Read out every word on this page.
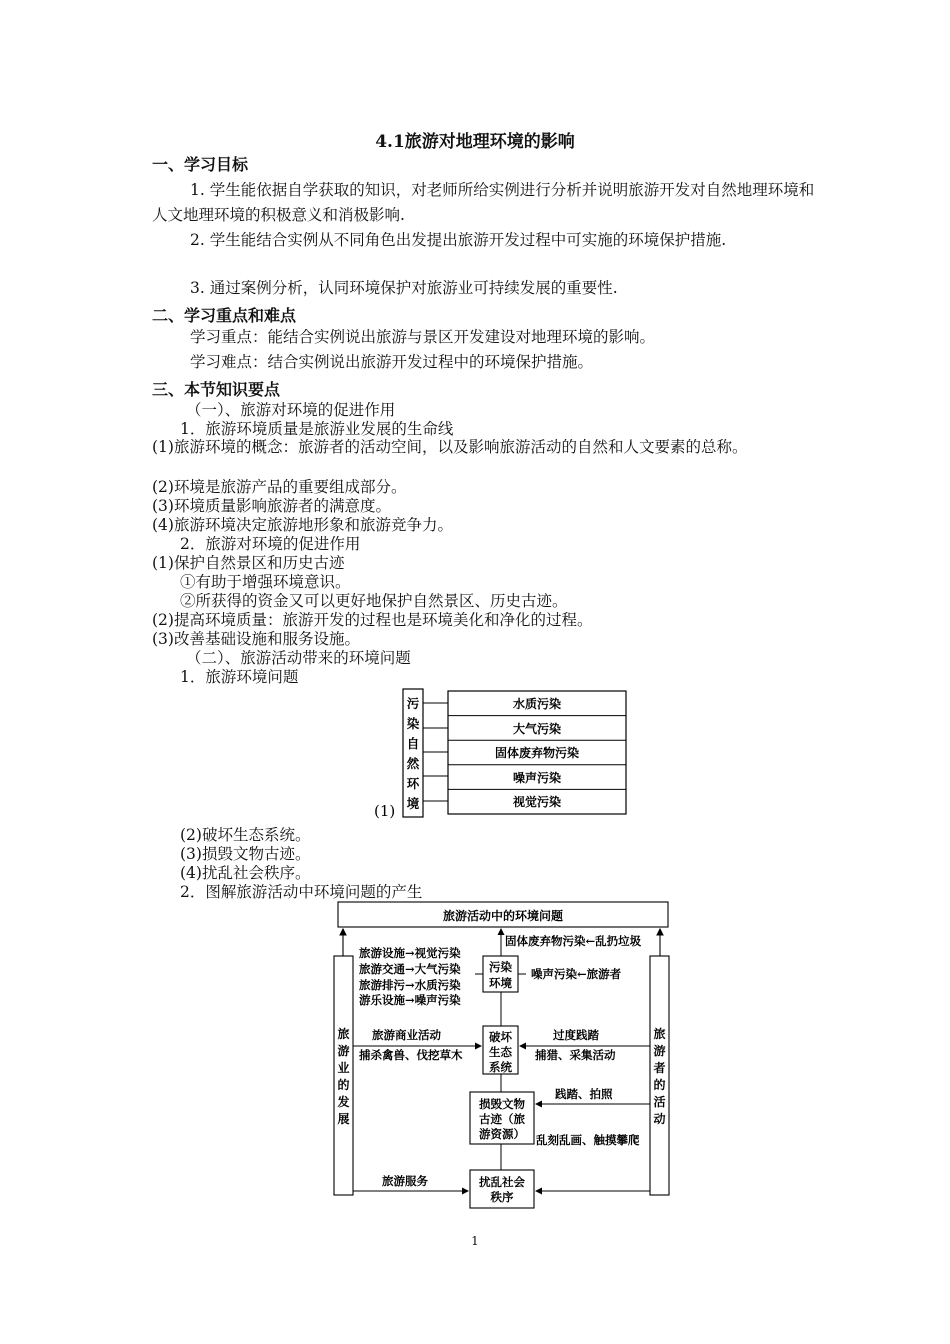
4.1旅游对地理环境的影响
一、学习目标
1. 学生能依据自学获取的知识，对老师所给实例进行分析并说明旅游开发对自然地理环境和人文地理环境的积极意义和消极影响.
2. 学生能结合实例从不同角色出发提出旅游开发过程中可实施的环境保护措施.
3. 通过案例分析，认同环境保护对旅游业可持续发展的重要性.
二、学习重点和难点
学习重点：能结合实例说出旅游与景区开发建设对地理环境的影响。
学习难点：结合实例说出旅游开发过程中的环境保护措施。
三、本节知识要点
（一）、旅游对环境的促进作用
1．旅游环境质量是旅游业发展的生命线
(1)旅游环境的概念：旅游者的活动空间，以及影响旅游活动的自然和人文要素的总称。
(2)环境是旅游产品的重要组成部分。
(3)环境质量影响旅游者的满意度。
(4)旅游环境决定旅游地形象和旅游竞争力。
2．旅游对环境的促进作用
(1)保护自然景区和历史古迹
①有助于增强环境意识。
②所获得的资金又可以更好地保护自然景区、历史古迹。
(2)提高环境质量：旅游开发的过程也是环境美化和净化的过程。
(3)改善基础设施和服务设施。
（二）、旅游活动带来的环境问题
1．旅游环境问题
(1)
污
染
自
然
环
境
水质污染
大气污染
固体废弃物污染
噪声污染
视觉污染
(2)破坏生态系统。
(3)损毁文物古迹。
(4)扰乱社会秩序。
2．图解旅游活动中环境问题的产生
旅游活动中的环境问题
旅
游
业
的
发
展
旅
游
者
的
活
动
污染
环境
破坏
生态
系统
损毁文物
古迹（旅
游资源）
扰乱社会
秩序
旅游设施→视觉污染
旅游交通→大气污染
旅游排污→水质污染
游乐设施→噪声污染
固体废弃物污染←乱扔垃圾
噪声污染←旅游者
旅游商业活动
捕杀禽兽、伐挖草木
过度践踏
捕猎、采集活动
践踏、拍照
乱刻乱画、触摸攀爬
旅游服务
1
